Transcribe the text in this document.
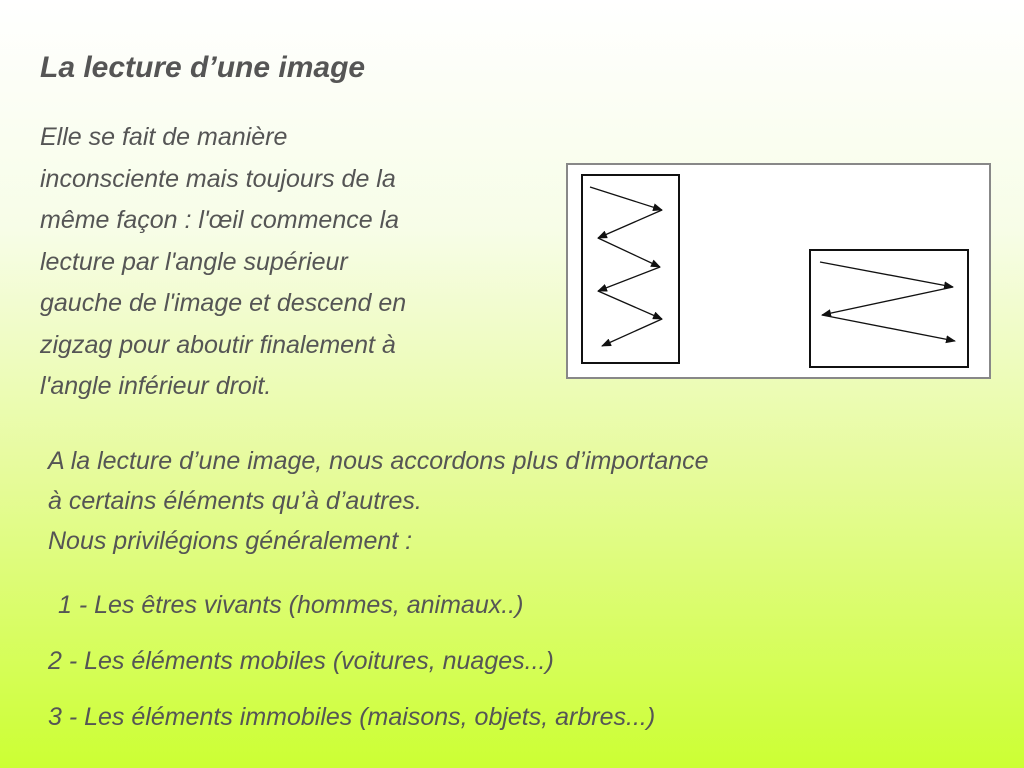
La lecture d’une image

Elle se fait de manière
inconsciente mais toujours de la
même façon : l'œil commence la
lecture par l'angle supérieur
gauche de l'image et descend en
zigzag pour aboutir finalement à
l'angle inférieur droit.

A la lecture d’une image, nous accordons plus d’importance
à certains éléments qu’à d’autres.
Nous privilégions généralement :

1 - Les êtres vivants (hommes, animaux..)

2 - Les éléments mobiles (voitures, nuages...)

3 - Les éléments immobiles (maisons, objets, arbres...)
